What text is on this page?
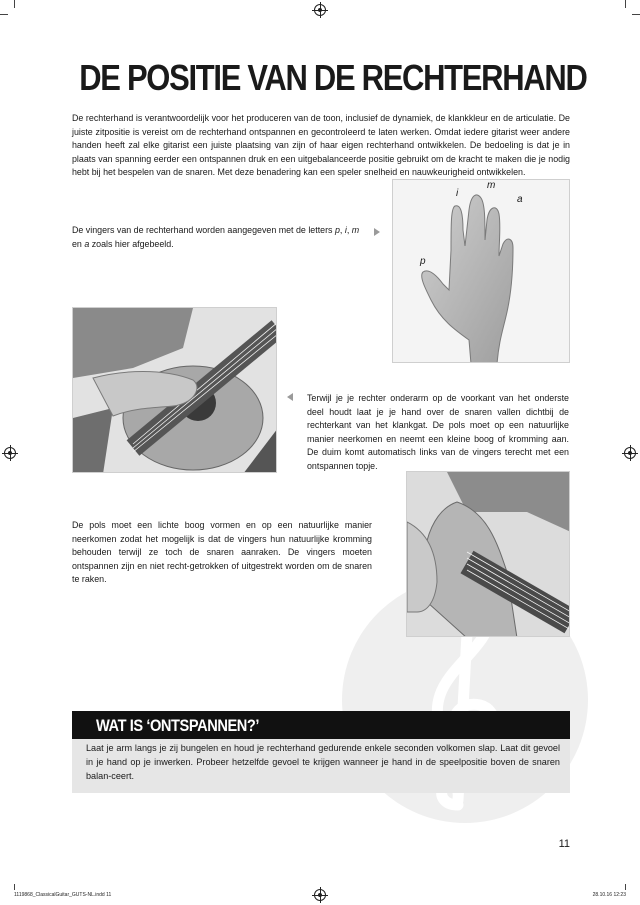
DE POSITIE VAN DE RECHTERHAND
De rechterhand is verantwoordelijk voor het produceren van de toon, inclusief de dynamiek, de klankkleur en de articulatie. De juiste zitpositie is vereist om de rechterhand ontspannen en gecontroleerd te laten werken. Omdat iedere gitarist weer andere handen heeft zal elke gitarist een juiste plaatsing van zijn of haar eigen rechterhand ontwikkelen. De bedoeling is dat je in plaats van spanning eerder een ontspannen druk en een uitgebalanceerde positie gebruikt om de kracht te maken die je nodig hebt bij het bespelen van de snaren. Met deze benadering kan een speler snelheid en nauwkeurigheid ontwikkelen.
De vingers van de rechterhand worden aangegeven met de letters p, i, m
en a zoals hier afgebeeld.
p
i
m
a
Terwijl je je rechter onderarm op de voorkant van het onderste deel houdt laat je je hand over de snaren vallen dichtbij de rechterkant van het klankgat. De pols moet op een natuurlijke manier neerkomen en neemt een kleine boog of kromming aan. De duim komt automatisch links van de vingers terecht met een ontspannen topje.
De pols moet een lichte boog vormen en op een natuurlijke manier neerkomen zodat het mogelijk is dat de vingers hun natuurlijke kromming behouden terwijl ze toch de snaren aanraken. De vingers moeten ontspannen zijn en niet recht-getrokken of uitgestrekt worden om de snaren te raken.
WAT IS ‘ONTSPANNEN?’
Laat je arm langs je zij bungelen en houd je rechterhand gedurende enkele seconden volkomen slap. Laat dit gevoel in je hand op je inwerken. Probeer hetzelfde gevoel te krijgen wanneer je hand in de speelpositie boven de snaren balan-ceert.
11
1119868_ClassicalGuitar_GUTS-NL.indd 11	28.10.16 12:23
